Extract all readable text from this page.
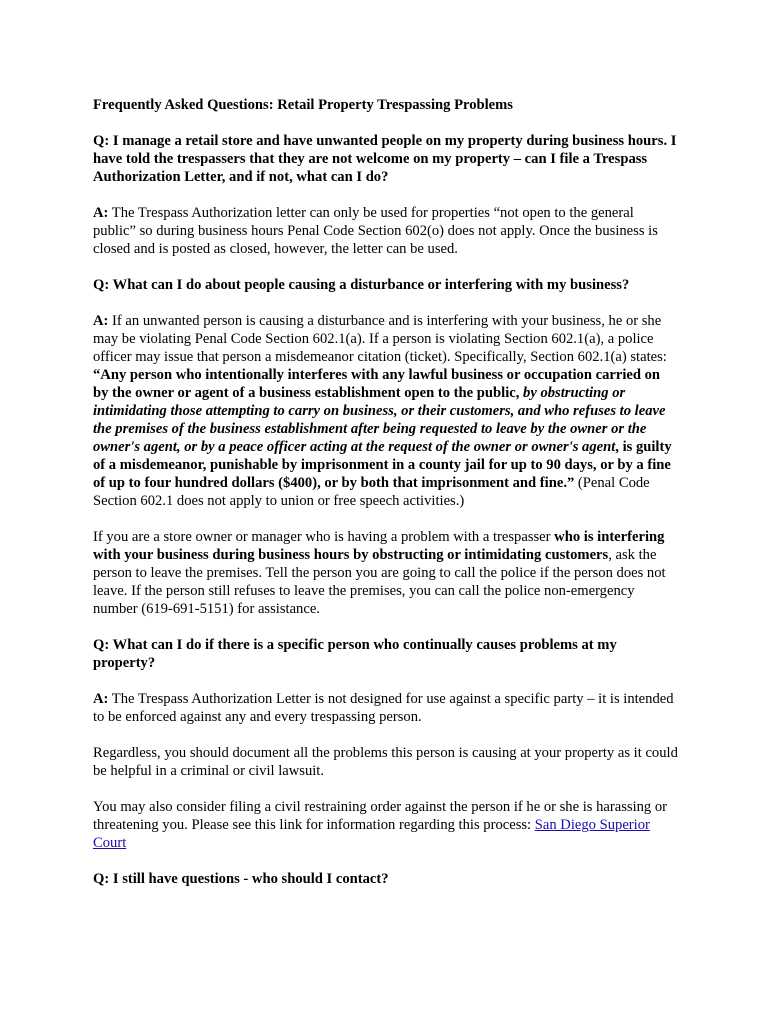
Frequently Asked Questions: Retail Property Trespassing Problems

Q: I manage a retail store and have unwanted people on my property during business hours. I have told the trespassers that they are not welcome on my property – can I file a Trespass Authorization Letter, and if not, what can I do?

A: The Trespass Authorization letter can only be used for properties “not open to the general public” so during business hours Penal Code Section 602(o) does not apply. Once the business is closed and is posted as closed, however, the letter can be used.

Q: What can I do about people causing a disturbance or interfering with my business?

A: If an unwanted person is causing a disturbance and is interfering with your business, he or she may be violating Penal Code Section 602.1(a). If a person is violating Section 602.1(a), a police officer may issue that person a misdemeanor citation (ticket). Specifically, Section 602.1(a) states: “Any person who intentionally interferes with any lawful business or occupation carried on by the owner or agent of a business establishment open to the public, by obstructing or intimidating those attempting to carry on business, or their customers, and who refuses to leave the premises of the business establishment after being requested to leave by the owner or the owner's agent, or by a peace officer acting at the request of the owner or owner's agent, is guilty of a misdemeanor, punishable by imprisonment in a county jail for up to 90 days, or by a fine of up to four hundred dollars ($400), or by both that imprisonment and fine.” (Penal Code Section 602.1 does not apply to union or free speech activities.)

If you are a store owner or manager who is having a problem with a trespasser who is interfering with your business during business hours by obstructing or intimidating customers, ask the person to leave the premises. Tell the person you are going to call the police if the person does not leave. If the person still refuses to leave the premises, you can call the police non-emergency number (619-691-5151) for assistance.

Q: What can I do if there is a specific person who continually causes problems at my property?

A: The Trespass Authorization Letter is not designed for use against a specific party – it is intended to be enforced against any and every trespassing person.

Regardless, you should document all the problems this person is causing at your property as it could be helpful in a criminal or civil lawsuit.

You may also consider filing a civil restraining order against the person if he or she is harassing or threatening you. Please see this link for information regarding this process: San Diego Superior Court

Q: I still have questions - who should I contact?
